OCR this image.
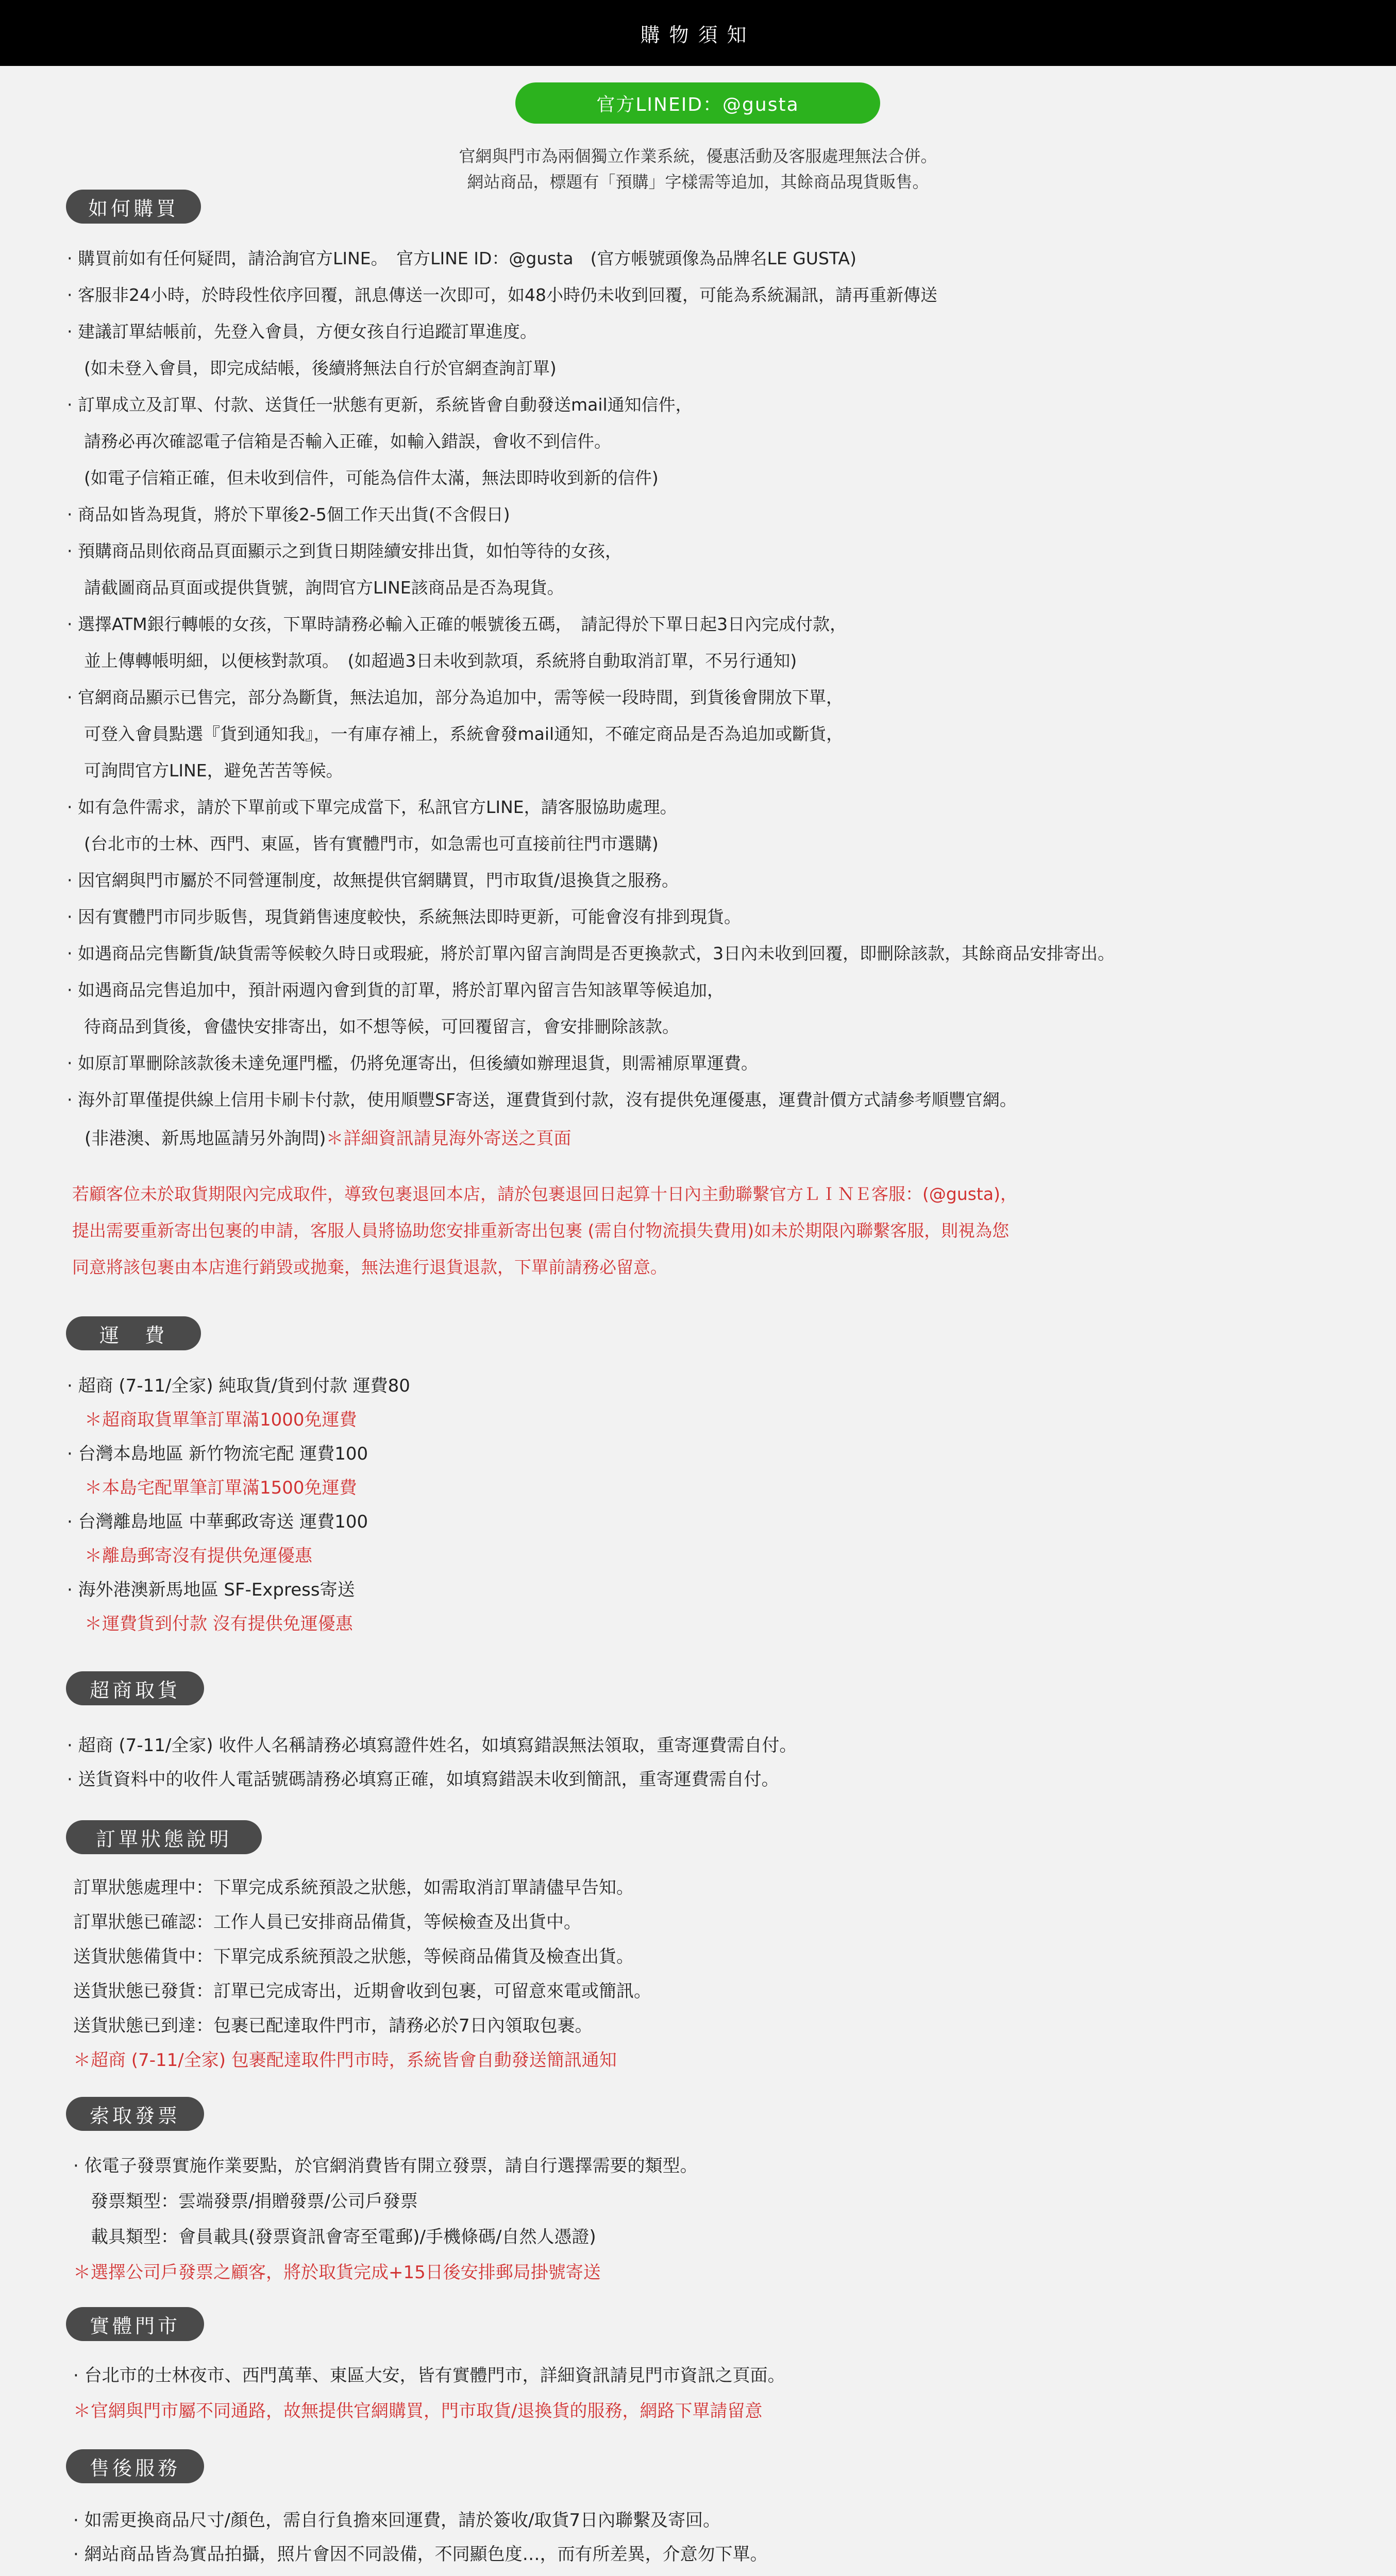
購物須知
官方LINEID：@gusta
官網與門市為兩個獨立作業系統，優惠活動及客服處理無法合併。
網站商品，標題有「預購」字樣需等追加，其餘商品現貨販售。
如何購買
· 購買前如有任何疑問，請洽詢官方LINE。　官方LINE ID：@gusta　(官方帳號頭像為品牌名LE GUSTA)
· 客服非24小時，於時段性依序回覆，訊息傳送一次即可，如48小時仍未收到回覆，可能為系統漏訊，請再重新傳送
· 建議訂單結帳前，先登入會員，方便女孩自行追蹤訂單進度。
　(如未登入會員，即完成結帳，後續將無法自行於官網查詢訂單)
· 訂單成立及訂單、付款、送貨任一狀態有更新，系統皆會自動發送mail通知信件，
　請務必再次確認電子信箱是否輸入正確，如輸入錯誤，會收不到信件。
　(如電子信箱正確，但未收到信件，可能為信件太滿，無法即時收到新的信件)
· 商品如皆為現貨，將於下單後2-5個工作天出貨(不含假日)
· 預購商品則依商品頁面顯示之到貨日期陸續安排出貨，如怕等待的女孩，
　請截圖商品頁面或提供貨號，詢問官方LINE該商品是否為現貨。
· 選擇ATM銀行轉帳的女孩，下單時請務必輸入正確的帳號後五碼，　請記得於下單日起3日內完成付款，
　並上傳轉帳明細，以便核對款項。　(如超過3日未收到款項，系統將自動取消訂單，不另行通知)
· 官網商品顯示已售完，部分為斷貨，無法追加，部分為追加中，需等候一段時間，到貨後會開放下單，
　可登入會員點選『貨到通知我』，一有庫存補上，系統會發mail通知，不確定商品是否為追加或斷貨，
　可詢問官方LINE，避免苦苦等候。
· 如有急件需求，請於下單前或下單完成當下，私訊官方LINE，請客服協助處理。
　(台北市的士林、西門、東區，皆有實體門市，如急需也可直接前往門市選購)
· 因官網與門市屬於不同營運制度，故無提供官網購買，門市取貨/退換貨之服務。
· 因有實體門市同步販售，現貨銷售速度較快，系統無法即時更新，可能會沒有排到現貨。
· 如遇商品完售斷貨/缺貨需等候較久時日或瑕疵，將於訂單內留言詢問是否更換款式，3日內未收到回覆，即刪除該款，其餘商品安排寄出。
· 如遇商品完售追加中，預計兩週內會到貨的訂單，將於訂單內留言告知該單等候追加，
　待商品到貨後，會儘快安排寄出，如不想等候，可回覆留言，會安排刪除該款。
· 如原訂單刪除該款後未達免運門檻，仍將免運寄出，但後續如辦理退貨，則需補原單運費。
· 海外訂單僅提供線上信用卡刷卡付款，使用順豐SF寄送，運費貨到付款，沒有提供免運優惠，運費計價方式請參考順豐官網。
　(非港澳、新馬地區請另外詢問)＊詳細資訊請見海外寄送之頁面
若顧客位未於取貨期限內完成取件，導致包裹退回本店，請於包裹退回日起算十日內主動聯繫官方ＬＩＮＥ客服：(@gusta)，
提出需要重新寄出包裹的申請，客服人員將協助您安排重新寄出包裹 (需自付物流損失費用)如未於期限內聯繫客服，則視為您
同意將該包裹由本店進行銷毀或拋棄，無法進行退貨退款，下單前請務必留意。
運　費
· 超商 (7-11/全家) 純取貨/貨到付款 運費80
　＊超商取貨單筆訂單滿1000免運費
· 台灣本島地區 新竹物流宅配 運費100
　＊本島宅配單筆訂單滿1500免運費
· 台灣離島地區 中華郵政寄送 運費100
　＊離島郵寄沒有提供免運優惠
· 海外港澳新馬地區 SF-Express寄送
　＊運費貨到付款 沒有提供免運優惠
超商取貨
· 超商 (7-11/全家) 收件人名稱請務必填寫證件姓名，如填寫錯誤無法領取，重寄運費需自付。
· 送貨資料中的收件人電話號碼請務必填寫正確，如填寫錯誤未收到簡訊，重寄運費需自付。
訂單狀態說明
訂單狀態處理中：下單完成系統預設之狀態，如需取消訂單請儘早告知。
訂單狀態已確認：工作人員已安排商品備貨，等候檢查及出貨中。
送貨狀態備貨中：下單完成系統預設之狀態，等候商品備貨及檢查出貨。
送貨狀態已發貨：訂單已完成寄出，近期會收到包裹，可留意來電或簡訊。
送貨狀態已到達：包裹已配達取件門市，請務必於7日內領取包裹。
＊超商 (7-11/全家) 包裹配達取件門市時，系統皆會自動發送簡訊通知
索取發票
· 依電子發票實施作業要點，於官網消費皆有開立發票，請自行選擇需要的類型。
　發票類型：雲端發票/捐贈發票/公司戶發票
　載具類型：會員載具(發票資訊會寄至電郵)/手機條碼/自然人憑證)
＊選擇公司戶發票之顧客，將於取貨完成+15日後安排郵局掛號寄送
實體門市
· 台北市的士林夜市、西門萬華、東區大安，皆有實體門市，詳細資訊請見門市資訊之頁面。
＊官網與門市屬不同通路，故無提供官網購買，門市取貨/退換貨的服務，網路下單請留意
售後服務
· 如需更換商品尺寸/顏色，需自行負擔來回運費，請於簽收/取貨7日內聯繫及寄回。
· 網站商品皆為實品拍攝，照片會因不同設備，不同顯色度…，而有所差異，介意勿下單。
